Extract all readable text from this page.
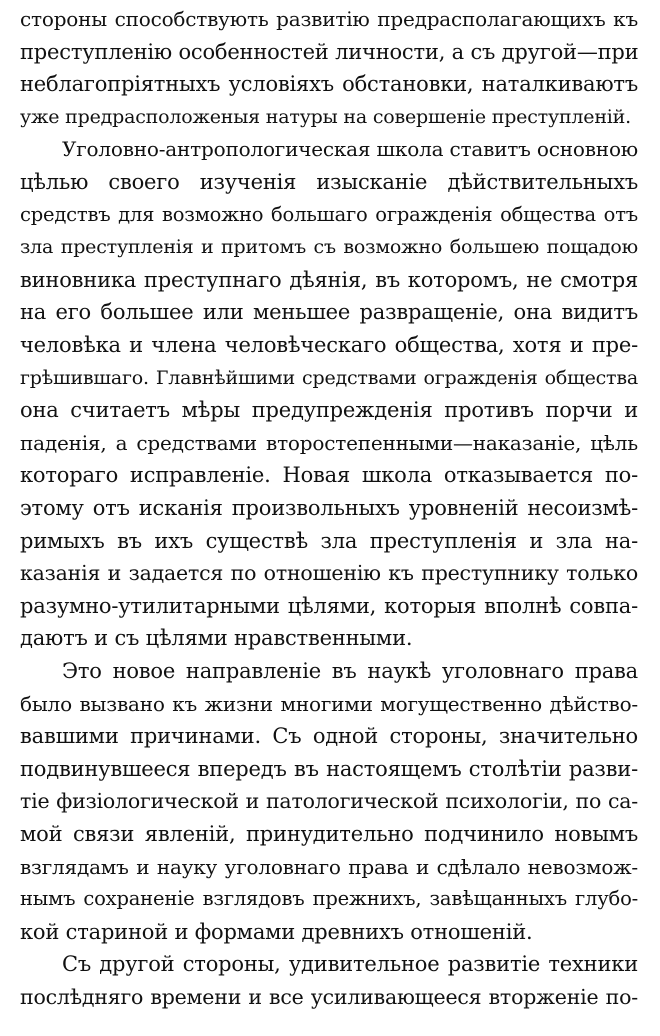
стороны способствують развитію предрасполагающихъ къ
преступленію особенностей личности, а съ другой—при
неблагопріятныхъ условіяхъ обстановки, наталкиваютъ
уже предрасположеныя натуры на совершеніе преступленій.
Уголовно-антропологическая школа ставитъ основною
цѣлью своего изученія изысканіе дѣйствительныхъ
средствъ для возможно большаго огражденія общества отъ
зла преступленія и притомъ съ возможно большею пощадою
виновника преступнаго дѣянія, въ которомъ, не смотря
на его большее или меньшее развращеніе, она видитъ
человѣка и члена человѣческаго общества, хотя и пре-
грѣшившаго. Главнѣйшими средствами огражденія общества
она считаетъ мѣры предупрежденія противъ порчи и
паденія, а средствами второстепенными—наказаніе, цѣль
котораго исправленіе. Новая школа отказывается по-
этому отъ исканія произвольныхъ уровненій несоизмѣ-
римыхъ въ ихъ существѣ зла преступленія и зла на-
казанія и задается по отношенію къ преступнику только
разумно-утилитарными цѣлями, которыя вполнѣ совпа-
даютъ и съ цѣлями нравственными.
Это новое направленіе въ наукѣ уголовнаго права
было вызвано къ жизни многими могущественно дѣйство-
вавшими причинами. Съ одной стороны, значительно
подвинувшееся впередъ въ настоящемъ столѣтіи разви-
тіе физіологической и патологической психологіи, по са-
мой связи явленій, принудительно подчинило новымъ
взглядамъ и науку уголовнаго права и сдѣлало невозмож-
нымъ сохраненіе взглядовъ прежнихъ, завѣщанныхъ глубо-
кой стариной и формами древнихъ отношеній.
Съ другой стороны, удивительное развитіе техники
послѣдняго времени и все усиливающееся вторженіе по-
